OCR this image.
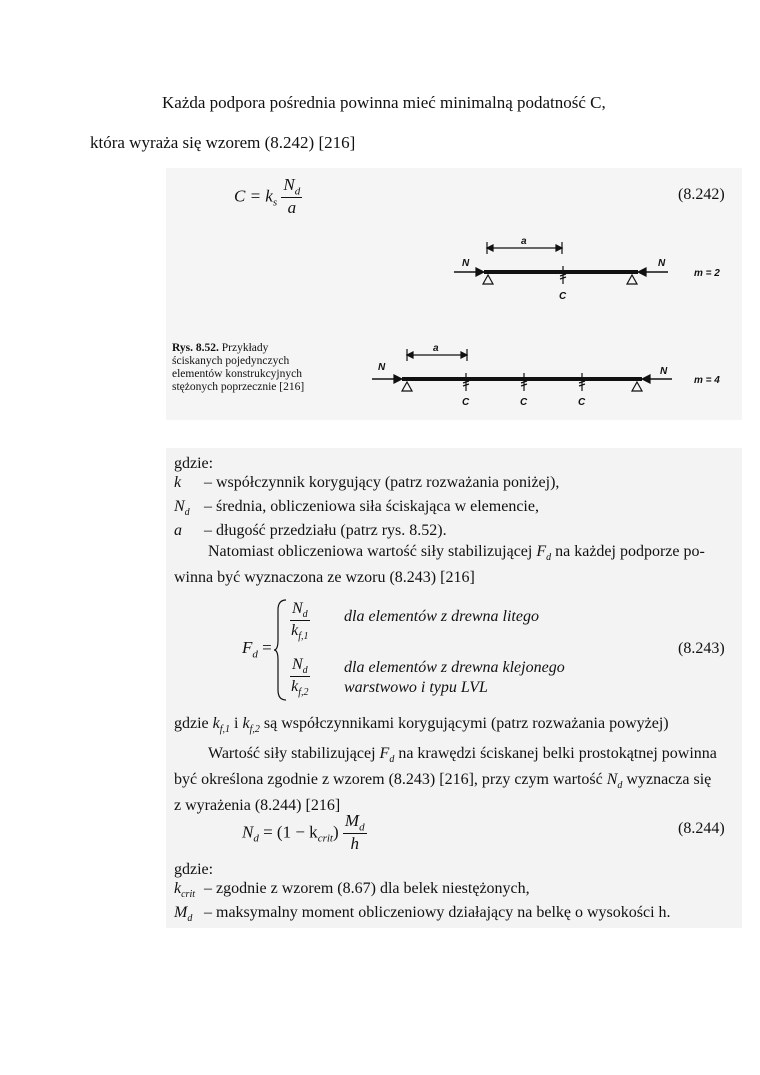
Każda podpora pośrednia powinna mieć minimalną podatność C,
która wyraża się wzorem (8.242) [216]
$C = k_s \frac{N_d}{a}$	(8.242)
N	N
a
C
m = 2
N	N
a
C	C	C
m = 4
Rys. 8.52. Przykłady
ściskanych pojedynczych
elementów konstrukcyjnych
stężonych poprzecznie [216]
gdzie:
k	– współczynnik korygujący (patrz rozważania poniżej),
$N_d$ – średnia, obliczeniowa siła ściskająca w elemencie,
a	– długość przedziału (patrz rys. 8.52).
Natomiast obliczeniowa wartość siły stabilizującej $F_d$ na każdej podporze po-
winna być wyznaczona ze wzoru (8.243) [216]
$F_d$ =
$\frac{N_d}{k_{f,1}}$ dla elementów z drewna litego
$\frac{N_d}{k_{f,2}}$ dla elementów z drewna klejonego
warstwowo i typu LVL
(8.243)
gdzie $k_{f,1}$ i $k_{f,2}$ są współczynnikami korygującymi (patrz rozważania powyżej)
Wartość siły stabilizującej $F_d$ na krawędzi ściskanej belki prostokątnej powinna
być określona zgodnie z wzorem (8.243) [216], przy czym wartość $N_d$ wyznacza się
z wyrażenia (8.244) [216]
$N_d = (1 - k_{crit}) \frac{M_d}{h}$	(8.244)
gdzie:
$k_{crit}$ – zgodnie z wzorem (8.67) dla belek niestężonych,
$M_d$ – maksymalny moment obliczeniowy działający na belkę o wysokości h.
